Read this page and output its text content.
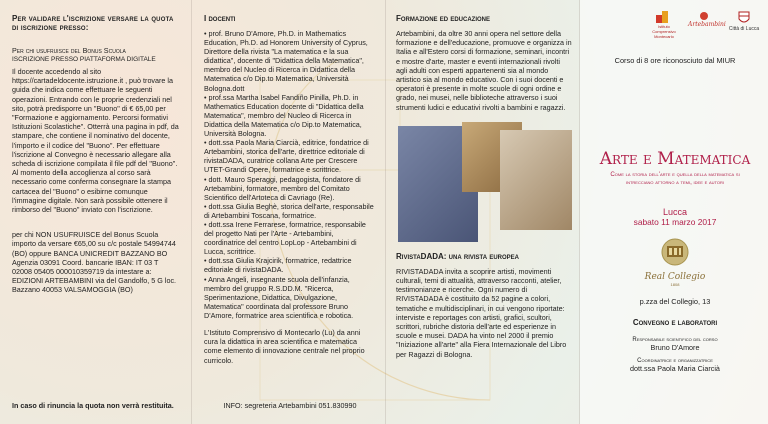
Per validare l'iscrizione versare la quota di iscrizione presso:
Per chi usufruisce del Bonus Scuola
ISCRIZIONE PRESSO PIATTAFORMA DIGITALE

Il docente accedendo al sito https://cartadeldocente.istruzione.it , può trovare la guida che indica come effettuare le seguenti operazioni. Entrando con le proprie credenziali nel sito, potrà predisporre un "Buono" di € 65,00 per "Formazione e aggiornamento. Percorsi formativi Istituzioni Scolastiche". Otterrà una pagina in pdf, da stampare, che contiene il nominativo del docente, l'importo e il codice del "Buono". Per effettuare l'iscrizione al Convegno è necessario allegare alla scheda di iscrizione compilata il file pdf del "Buono". Al momento della accoglienza al corso sarà necessario come conferma consegnare la stampa cartacea del "Buono" o esibirne comunque l'immagine digitale. Non sarà possibile ottenere il rimborso del "Buono" inviato con l'iscrizione.

per chi NON USUFRUISCE del Bonus Scuola importo da versare €65,00 su c/c postale 54994744 (BO) oppure BANCA UNICREDIT BAZZANO BO Agenzia 03091 Coord. bancarie IBAN: IT 03 T 02008 05405 000010359719 da intestare a: EDIZIONI ARTEBAMBINI via del Gandolfo, 5 G loc. Bazzano 40053 VALSAMOGGIA (BO)

In caso di rinuncia la quota non verrà restituita.
I docenti
• prof. Bruno D'Amore, Ph.D. in Mathematics Education, Ph.D. ad Honorem University of Cyprus, Direttore della rivista "La matematica e la sua didattica", docente di "Didattica della Matematica", membro del Nucleo di Ricerca in Didattica della Matematica c/o Dip.to Matematica, Università Bologna.dott
• prof.ssa Martha Isabel Fandiño Pinilla, Ph.D. in Mathematics Education docente di "Didattica della Matematica", membro del Nucleo di Ricerca in Didattica della Matematica c/o Dip.to Matematica, Università Bologna.
• dott.ssa Paola Maria Ciarcià, editrice, fondatrice di Artebambini, storica dell'arte, direttrice editoriale di rivistaDADA, curatrice collana Arte per Crescere UTET-Grandi Opere, formatrice e scrittrice.
• dott. Mauro Speraggi, pedagogista, fondatore di Artebambini, formatore, membro del Comitato Scientifico dell'Artoteca di Cavriago (Re).
• dott.ssa Giulia Beghè, storica dell'arte, responsabile di Artebambini Toscana, formatrice.
• dott.ssa Irene Ferrarese, formatrice, responsabile del progetto Nati per l'Arte - Artebambini, coordinatrice del centro LopLop - Artebambini di Lucca, scrittrice.
• dott.ssa Giulia Krajcirik, formatrice, redattrice editoriale di rivistaDADA.
• Anna Angeli, insegnante scuola dell'infanzia, membro del gruppo R.S.DD.M. "Ricerca, Sperimentazione, Didattica, Divulgazione, Matematica" coordinata dal professore Bruno D'Amore, formatrice area scientifica e robotica.

L'Istituto Comprensivo di Montecarlo (Lu) da anni cura la didattica in area scientifica e matematica come elemento di innovazione centrale nel proprio curricolo.

INFO: segreteria Artebambini 051.830990
Formazione ed educazione

Artebambini, da oltre 30 anni opera nel settore della formazione e dell'educazione, promuove e organizza in Italia e all'Estero corsi di formazione, seminari, incontri e mostre d'arte, master e eventi internazionali rivolti agli adulti con esperti appartenenti sia al mondo artistico sia al mondo educativo. Con i suoi docenti e operatori è presente in molte scuole di ogni ordine e grado, nei musei, nelle biblioteche attraverso i suoi strumenti ludici e educativi rivolti a bambini e ragazzi.

RivistaDADA: una rivista europea

RIVISTADADA invita a scoprire artisti, movimenti culturali, temi di attualità, attraverso racconti, atelier, testimonianze e ricerche. Ogni numero di RIVISTADADA è costituito da 52 pagine a colori, tematiche e multidisciplinari, in cui vengono riportate: interviste e reportages con artisti, grafici, scultori, scrittori, rubriche distoria dell'arte ed esperienze in scuole e musei. DADA ha vinto nel 2000 il premio "Iniziazione all'arte" alla Fiera Internazionale del Libro per Ragazzi di Bologna.

Istituto Comprensivo Montecarlo
Artebambini
Città di Lucca
Corso di 8 ore riconosciuto dal MIUR
Arte e Matematica
Come la storia dell'arte e quella della matematica si intrecciano attorno a temi, idee e autori
Lucca
sabato 11 marzo 2017
Real Collegio
1808
p.zza del Collegio, 13
Convegno e laboratori
Responsabile scientifico del corso
Bruno D'Amore
Coordinatrice e organizzatrice
dott.ssa Paola Maria Ciarcià
